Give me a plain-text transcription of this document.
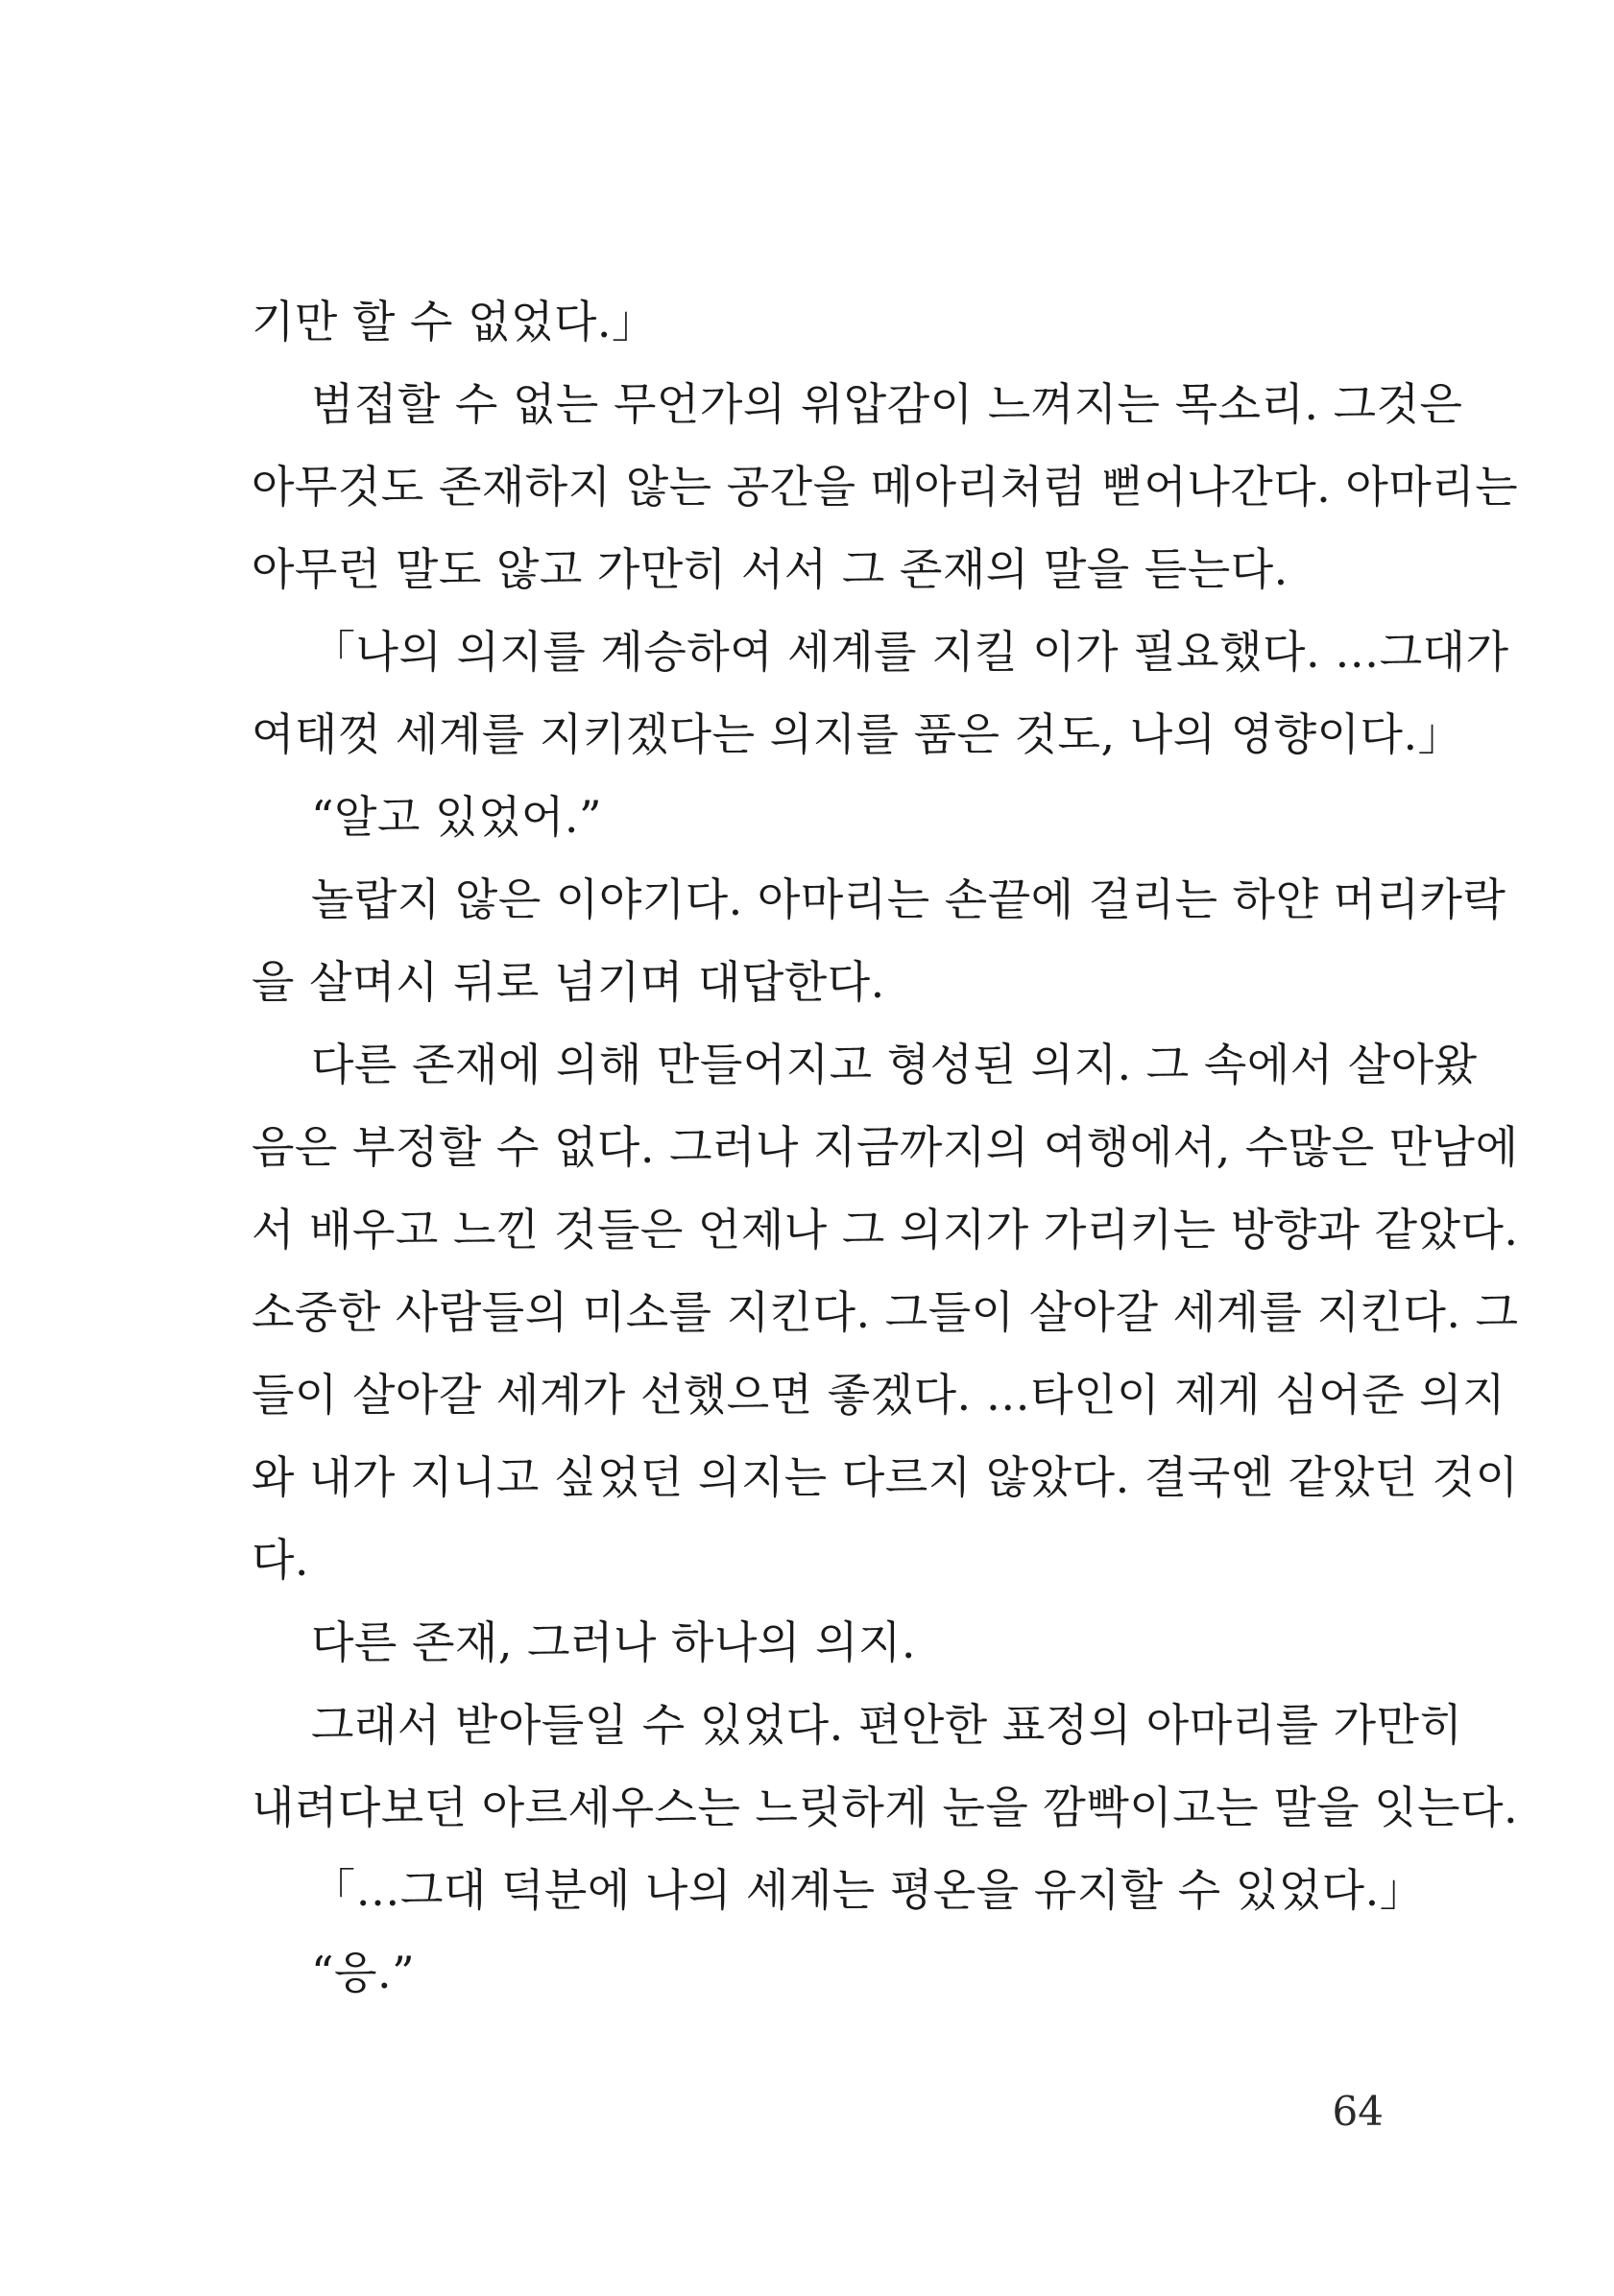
기만 할 수 없었다.」
범접할 수 없는 무언가의 위압감이 느껴지는 목소리. 그것은
아무것도 존재하지 않는 공간을 메아리처럼 뻗어나간다. 아마리는
아무런 말도 않고 가만히 서서 그 존재의 말을 듣는다.
「나의 의지를 계승하여 세계를 지킬 이가 필요했다. …그대가
여태껏 세계를 지키겠다는 의지를 품은 것도, 나의 영향이다.」
“알고 있었어.”
놀랍지 않은 이야기다. 아마리는 손끝에 걸리는 하얀 머리카락
을 살며시 뒤로 넘기며 대답한다.
다른 존재에 의해 만들어지고 형성된 의지. 그 속에서 살아왔
음은 부정할 수 없다. 그러나 지금까지의 여행에서, 수많은 만남에
서 배우고 느낀 것들은 언제나 그 의지가 가리키는 방향과 같았다.
소중한 사람들의 미소를 지킨다. 그들이 살아갈 세계를 지킨다. 그
들이 살아갈 세계가 선했으면 좋겠다. …타인이 제게 심어준 의지
와 내가 지니고 싶었던 의지는 다르지 않았다. 결국엔 같았던 것이
다.
다른 존재, 그러나 하나의 의지.
그래서 받아들일 수 있었다. 편안한 표정의 아마리를 가만히
내려다보던 아르세우스는 느릿하게 눈을 깜빡이고는 말을 잇는다.
「…그대 덕분에 나의 세계는 평온을 유지할 수 있었다.」
“응.”
64
